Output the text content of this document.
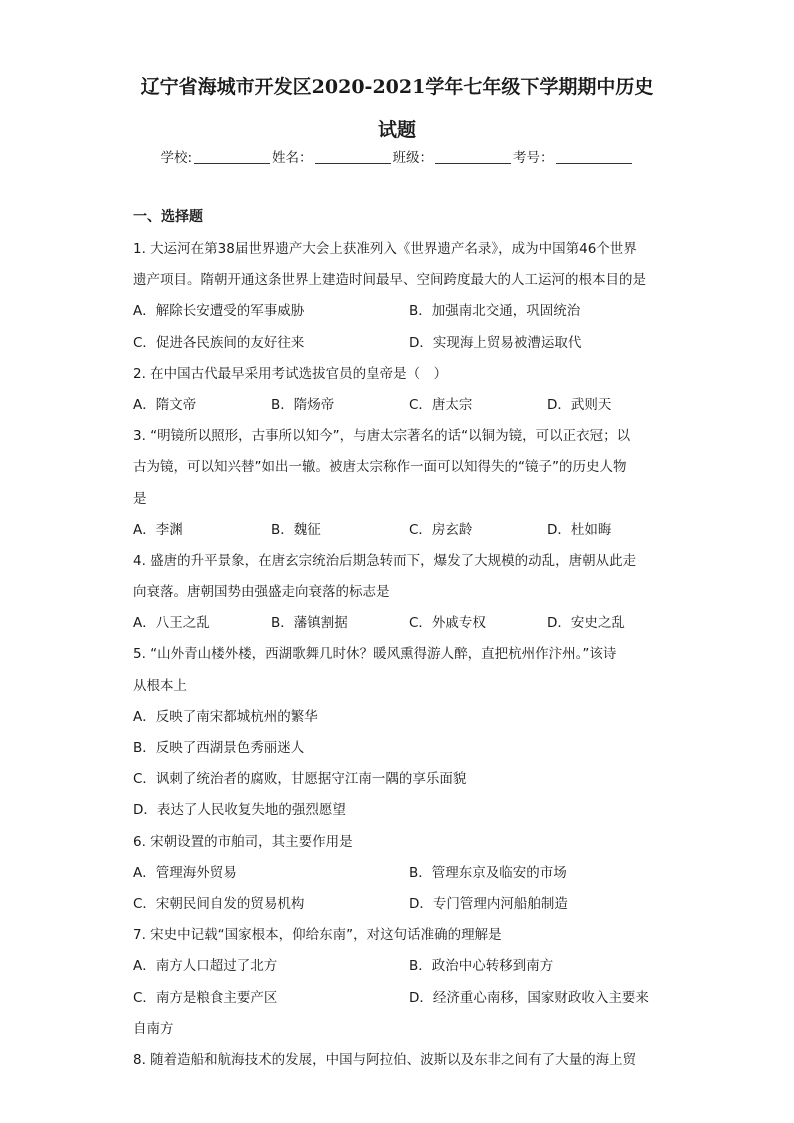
辽宁省海城市开发区2020-2021学年七年级下学期期中历史
试题
学校:	姓名：	班级：	考号：
一、选择题
1. 大运河在第38届世界遗产大会上获准列入《世界遗产名录》，成为中国第46个世界
遗产项目。隋朝开通这条世界上建造时间最早、空间跨度最大的人工运河的根本目的是
A．解除长安遭受的军事威胁	B．加强南北交通，巩固统治
C．促进各民族间的友好往来	D．实现海上贸易被漕运取代
2. 在中国古代最早采用考试选拔官员的皇帝是（　）
A．隋文帝	B．隋炀帝	C．唐太宗	D．武则天
3. “明镜所以照形，古事所以知今”，与唐太宗著名的话“以铜为镜，可以正衣冠；以
古为镜，可以知兴替”如出一辙。被唐太宗称作一面可以知得失的“镜子”的历史人物
是
A．李渊	B．魏征	C．房玄龄	D．杜如晦
4. 盛唐的升平景象，在唐玄宗统治后期急转而下，爆发了大规模的动乱，唐朝从此走
向衰落。唐朝国势由强盛走向衰落的标志是
A．八王之乱	B．藩镇割据	C．外戚专权	D．安史之乱
5. “山外青山楼外楼，西湖歌舞几时休？暖风熏得游人醉，直把杭州作汴州。”该诗
从根本上
A．反映了南宋都城杭州的繁华
B．反映了西湖景色秀丽迷人
C．讽刺了统治者的腐败，甘愿据守江南一隅的享乐面貌
D．表达了人民收复失地的强烈愿望
6. 宋朝设置的市舶司，其主要作用是
A．管理海外贸易	B．管理东京及临安的市场
C．宋朝民间自发的贸易机构	D．专门管理内河船舶制造
7. 宋史中记载“国家根本，仰给东南”，对这句话准确的理解是
A．南方人口超过了北方	B．政治中心转移到南方
C．南方是粮食主要产区	D．经济重心南移，国家财政收入主要来
自南方
8. 随着造船和航海技术的发展，中国与阿拉伯、波斯以及东非之间有了大量的海上贸
